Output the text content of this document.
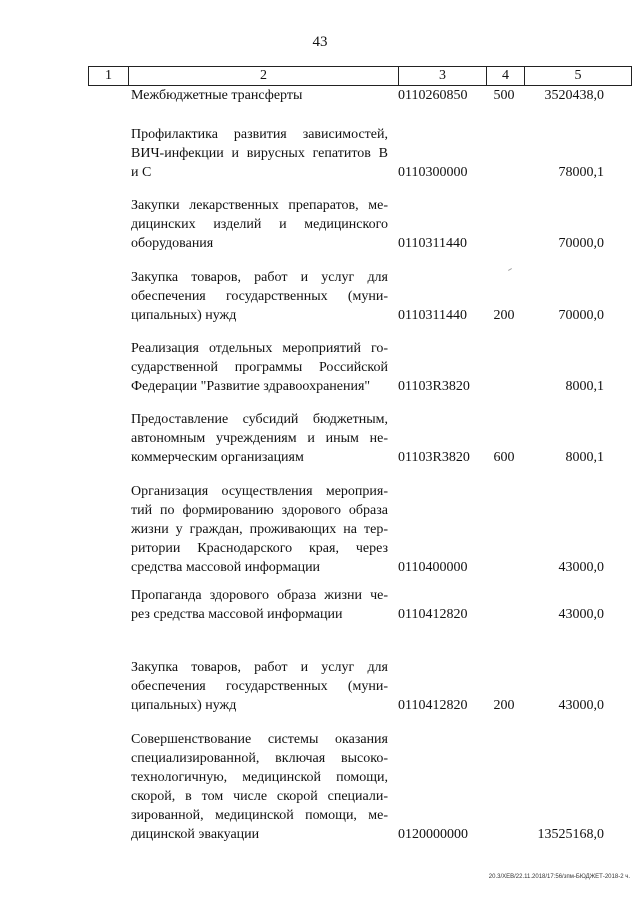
43
1	2	3	4	5
Межбюджетные трансферты	0110260850 500 3520438,0
Профилактика развития зависимостей,
ВИЧ-инфекции и вирусных гепатитов В
и С	0110300000	78000,1
Закупки лекарственных препаратов, ме-
дицинских изделий и медицинского
оборудования	0110311440	70000,0
Закупка товаров, работ и услуг для
обеспечения государственных (муни-
ципальных) нужд	0110311440 200	70000,0
Реализация отдельных мероприятий го-
сударственной программы Российской
Федерации "Развитие здравоохранения"	01103R3820	8000,1
Предоставление субсидий бюджетным,
автономным учреждениям и иным не-
коммерческим организациям	01103R3820 600	8000,1
Организация осуществления мероприя-
тий по формированию здорового образа
жизни у граждан, проживающих на тер-
ритории Краснодарского края, через
средства массовой информации	0110400000	43000,0
Пропаганда здорового образа жизни че-
рез средства массовой информации	0110412820	43000,0
Закупка товаров, работ и услуг для
обеспечения государственных (муни-
ципальных) нужд	0110412820 200	43000,0
Совершенствование системы оказания
специализированной, включая высоко-
технологичную, медицинской помощи,
скорой, в том числе скорой специали-
зированной, медицинской помощи, ме-
дицинской эвакуации	0120000000	13525168,0
20.3/ХЕВ/22.11.2018/17:56/зпм-БЮДЖЕТ-2018-2 ч.
